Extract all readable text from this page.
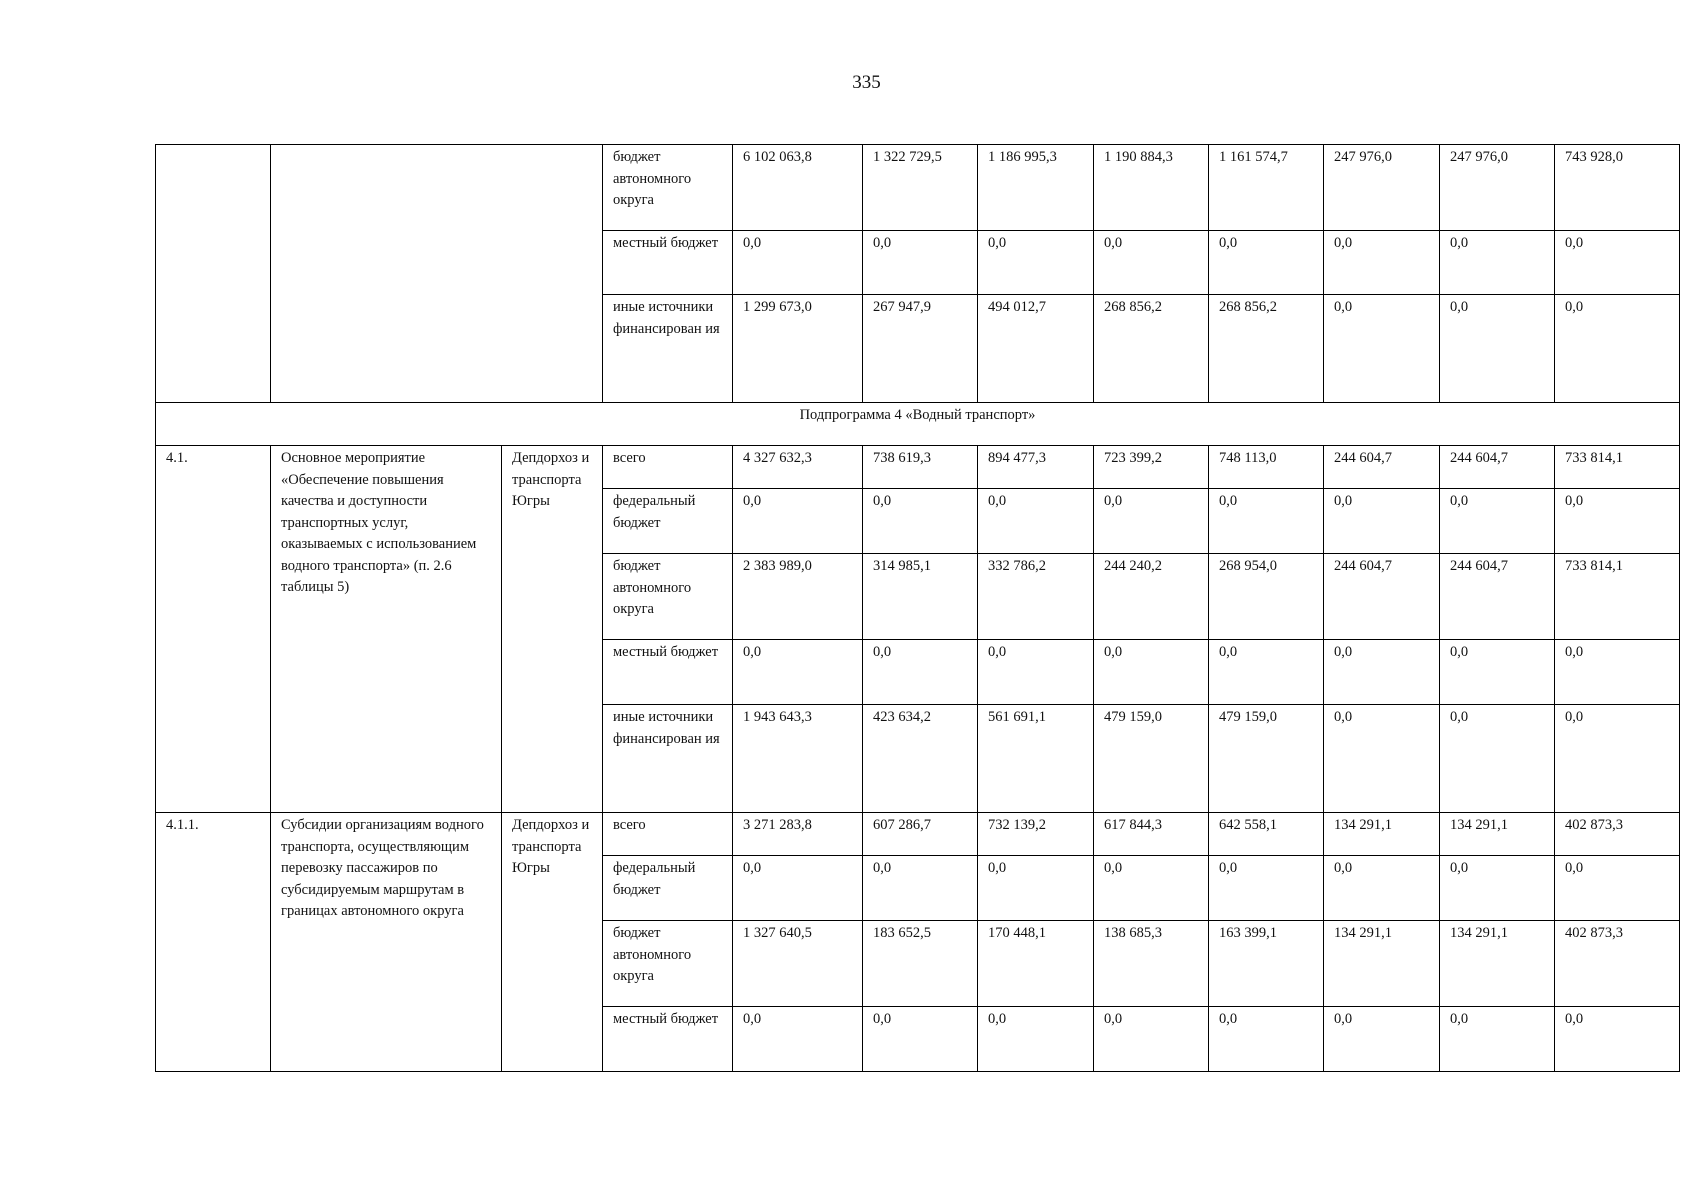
335
			бюджет автономного округа	6 102 063,8	1 322 729,5	1 186 995,3	1 190 884,3	1 161 574,7	247 976,0	247 976,0	743 928,0
			местный бюджет	0,0	0,0	0,0	0,0	0,0	0,0	0,0	0,0
			иные источники финансирован ия	1 299 673,0	267 947,9	494 012,7	268 856,2	268 856,2	0,0	0,0	0,0
Подпрограмма 4 «Водный транспорт»											
4.1.	Основное мероприятие «Обеспечение повышения качества и доступности транспортных услуг, оказываемых с использованием водного транспорта» (п. 2.6 таблицы 5)	Депдорхоз и транспорта Югры	всего	4 327 632,3	738 619,3	894 477,3	723 399,2	748 113,0	244 604,7	244 604,7	733 814,1
			федеральный бюджет	0,0	0,0	0,0	0,0	0,0	0,0	0,0	0,0
			бюджет автономного округа	2 383 989,0	314 985,1	332 786,2	244 240,2	268 954,0	244 604,7	244 604,7	733 814,1
			местный бюджет	0,0	0,0	0,0	0,0	0,0	0,0	0,0	0,0
			иные источники финансирован ия	1 943 643,3	423 634,2	561 691,1	479 159,0	479 159,0	0,0	0,0	0,0
4.1.1.	Субсидии организациям водного транспорта, осуществляющим перевозку пассажиров по субсидируемым маршрутам в границах автономного округа	Депдорхоз и транспорта Югры	всего	3 271 283,8	607 286,7	732 139,2	617 844,3	642 558,1	134 291,1	134 291,1	402 873,3
			федеральный бюджет	0,0	0,0	0,0	0,0	0,0	0,0	0,0	0,0
			бюджет автономного округа	1 327 640,5	183 652,5	170 448,1	138 685,3	163 399,1	134 291,1	134 291,1	402 873,3
			местный бюджет	0,0	0,0	0,0	0,0	0,0	0,0	0,0	0,0
